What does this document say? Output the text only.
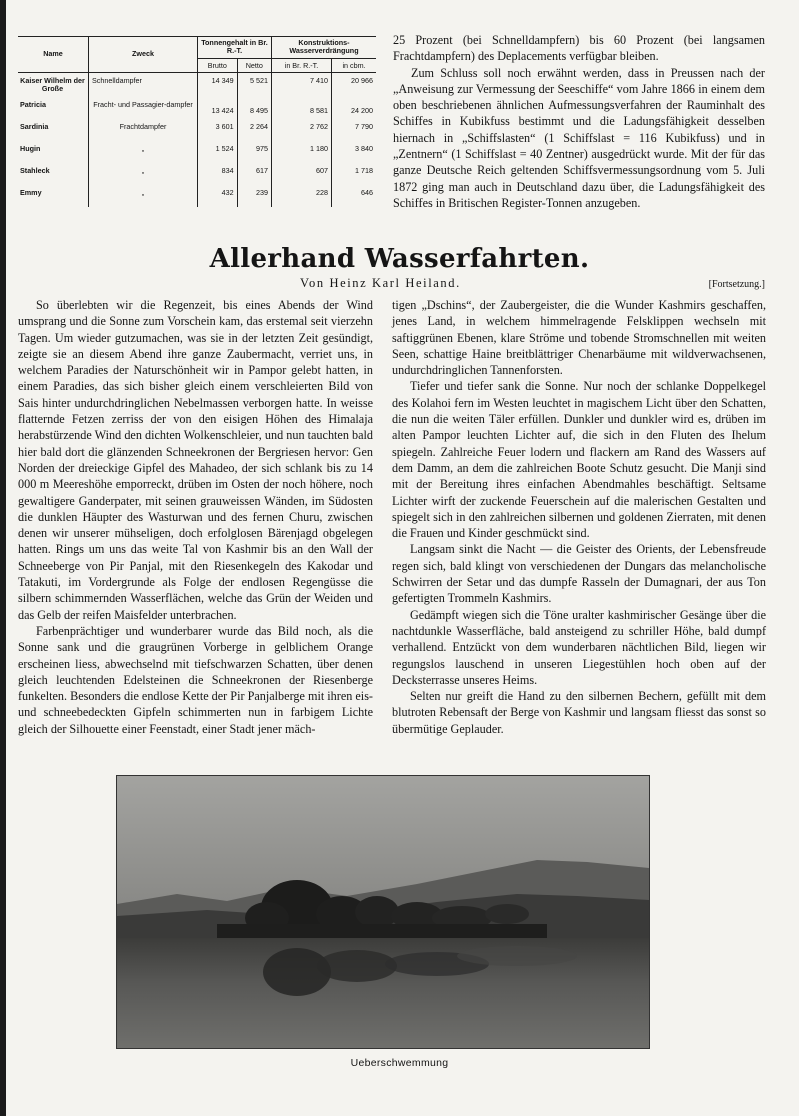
Name	Zweck	Tonnengehalt in Br. R.-T.		Konstruktions-Wasserverdrängung	
		Brutto	Netto	in Br. R.-T.	in cbm.
Kaiser Wilhelm der Große	Schnelldampfer	14 349	5 521	7 410	20 966
Patricia	Fracht- und Passagier-dampfer	13 424	8 495	8 581	24 200
Sardinia	Frachtdampfer	3 601	2 264	2 762	7 790
Hugin	„	1 524	975	1 180	3 840
Stahleck	„	834	617	607	1 718
Emmy	„	432	239	228	646

25 Prozent (bei Schnelldampfern) bis 60 Prozent (bei langsamen Frachtdampfern) des Deplacements verfügbar bleiben.

Zum Schluss soll noch erwähnt werden, dass in Preussen nach der „Anweisung zur Vermessung der Seeschiffe“ vom Jahre 1866 in einem dem oben beschriebenen ähnlichen Aufmessungsverfahren der Rauminhalt des Schiffes in Kubikfuss bestimmt und die Ladungsfähigkeit desselben hiernach in „Schiffslasten“ (1 Schiffslast = 116 Kubikfuss) und in „Zentnern“ (1 Schiffslast = 40 Zentner) ausgedrückt wurde. Mit der für das ganze Deutsche Reich geltenden Schiffsvermessungsordnung vom 5. Juli 1872 ging man auch in Deutschland dazu über, die Ladungsfähigkeit des Schiffes in Britischen Register-Tonnen anzugeben.

Allerhand Wasserfahrten.

Von Heinz Karl Heiland.	[Fortsetzung.]

So überlebten wir die Regenzeit, bis eines Abends der Wind umsprang und die Sonne zum Vorschein kam, das erstemal seit vierzehn Tagen. Um wieder gutzumachen, was sie in der letzten Zeit gesündigt, zeigte sie an diesem Abend ihre ganze Zaubermacht, verriet uns, in welchem Paradies der Naturschönheit wir in Pampor gelebt hatten, in einem Paradies, das sich bisher gleich einem verschleierten Bild von Sais hinter undurchdringlichen Nebelmassen verborgen hatte. In weisse flatternde Fetzen zerriss der von den eisigen Höhen des Himalaja herabstürzende Wind den dichten Wolkenschleier, und nun tauchten bald hier bald dort die glänzenden Schneekronen der Bergriesen hervor: Gen Norden der dreieckige Gipfel des Mahadeo, der sich schlank bis zu 14 000 m Meereshöhe emporreckt, drüben im Osten der noch höhere, noch gewaltigere Ganderpater, mit seinen grauweissen Wänden, im Südosten die dunklen Häupter des Wasturwan und des fernen Churu, zwischen denen wir unserer mühseligen, doch erfolglosen Bärenjagd obgelegen hatten. Rings um uns das weite Tal von Kashmir bis an den Wall der Schneeberge von Pir Panjal, mit den Riesenkegeln des Kakodar und Tatakuti, im Vordergrunde als Folge der endlosen Regengüsse die silbern schimmernden Wasserflächen, welche das Grün der Weiden und das Gelb der reifen Maisfelder unterbrachen.

Farbenprächtiger und wunderbarer wurde das Bild noch, als die Sonne sank und die graugrünen Vorberge in gelblichem Orange erscheinen liess, abwechselnd mit tiefschwarzen Schatten, über denen gleich leuchtenden Edelsteinen die Schneekronen der Riesenberge funkelten. Besonders die endlose Kette der Pir Panjalberge mit ihren eis- und schneebedeckten Gipfeln schimmerten nun in farbigem Lichte gleich der Silhouette einer Feenstadt, einer Stadt jener mäch-

tigen „Dschins“, der Zaubergeister, die die Wunder Kashmirs geschaffen, jenes Land, in welchem himmelragende Felsklippen wechseln mit saftiggrünen Ebenen, klare Ströme und tobende Stromschnellen mit weiten Seen, schattige Haine breitblättriger Chenarbäume mit wildverwachsenen, undurchdringlichen Tannenforsten.

Tiefer und tiefer sank die Sonne. Nur noch der schlanke Doppelkegel des Kolahoi fern im Westen leuchtet in magischem Licht über den Schatten, die nun die weiten Täler erfüllen. Dunkler und dunkler wird es, drüben im alten Pampor leuchten Lichter auf, die sich in den Fluten des Ihelum spiegeln. Zahlreiche Feuer lodern und flackern am Rand des Wassers auf dem Damm, an dem die zahlreichen Boote Schutz gesucht. Die Manji sind mit der Bereitung ihres einfachen Abendmahles beschäftigt. Seltsame Lichter wirft der zuckende Feuerschein auf die malerischen Gestalten und spiegelt sich in den zahlreichen silbernen und goldenen Zierraten, mit denen die Frauen und Kinder geschmückt sind.

Langsam sinkt die Nacht — die Geister des Orients, der Lebensfreude regen sich, bald klingt von verschiedenen der Dungars das melancholische Schwirren der Setar und das dumpfe Rasseln der Dumagnari, der aus Ton gefertigten Trommeln Kashmirs.

Gedämpft wiegen sich die Töne uralter kashmirischer Gesänge über die nachtdunkle Wasserfläche, bald ansteigend zu schriller Höhe, bald dumpf verhallend. Entzückt von dem wunderbaren nächtlichen Bild, liegen wir regungslos lauschend in unseren Liegestühlen hoch oben auf der Decksterrasse unseres Heims.

Selten nur greift die Hand zu den silbernen Bechern, gefüllt mit dem blutroten Rebensaft der Berge von Kashmir und langsam fliesst das sonst so übermütige Geplauder.

Ueberschwemmung
